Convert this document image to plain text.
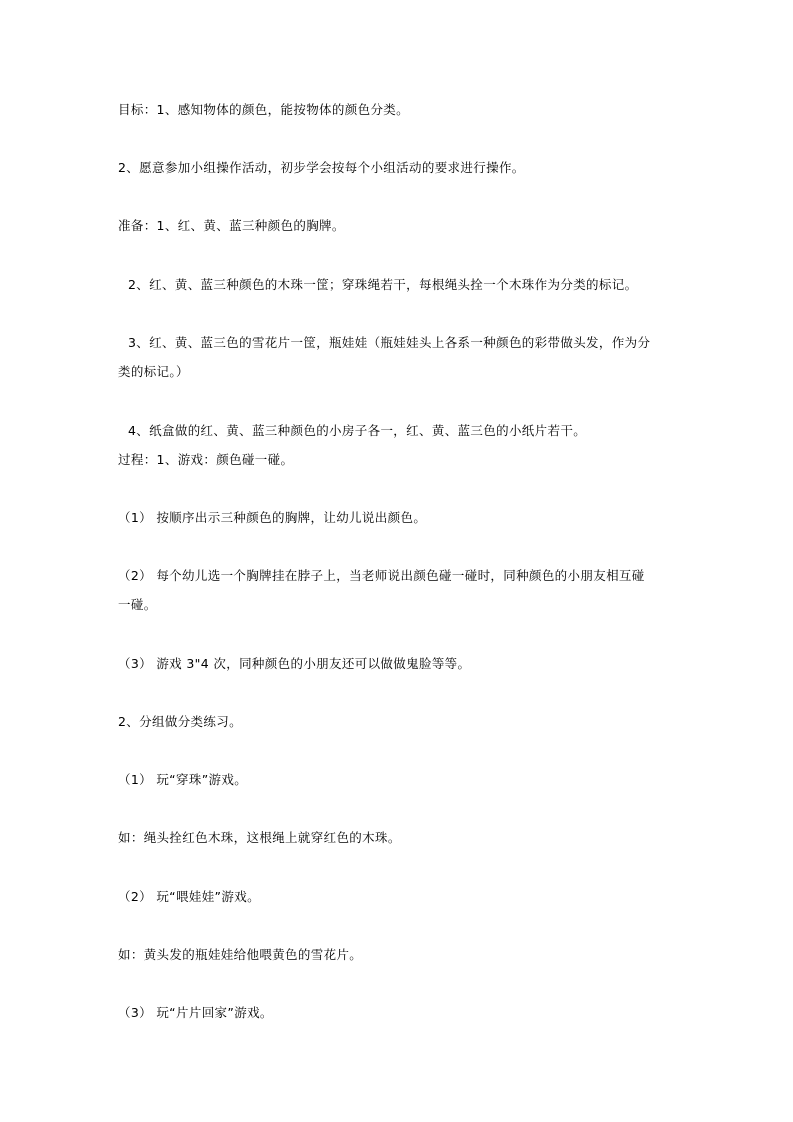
目标：1、感知物体的颜色，能按物体的颜色分类。
2、愿意参加小组操作活动，初步学会按每个小组活动的要求进行操作。
准备：1、红、黄、蓝三种颜色的胸牌。
2、红、黄、蓝三种颜色的木珠一筐；穿珠绳若干，每根绳头拴一个木珠作为分类的标记。
3、红、黄、蓝三色的雪花片一筐，瓶娃娃（瓶娃娃头上各系一种颜色的彩带做头发，作为分
类的标记。）
4、纸盒做的红、黄、蓝三种颜色的小房子各一，红、黄、蓝三色的小纸片若干。
过程：1、游戏：颜色碰一碰。
（1） 按顺序出示三种颜色的胸牌，让幼儿说出颜色。
（2） 每个幼儿选一个胸牌挂在脖子上，当老师说出颜色碰一碰时，同种颜色的小朋友相互碰
一碰。
（3） 游戏 3"4 次，同种颜色的小朋友还可以做做鬼脸等等。
2、分组做分类练习。
（1） 玩“穿珠”游戏。
如：绳头拴红色木珠，这根绳上就穿红色的木珠。
（2） 玩“喂娃娃”游戏。
如：黄头发的瓶娃娃给他喂黄色的雪花片。
（3） 玩“片片回家”游戏。
